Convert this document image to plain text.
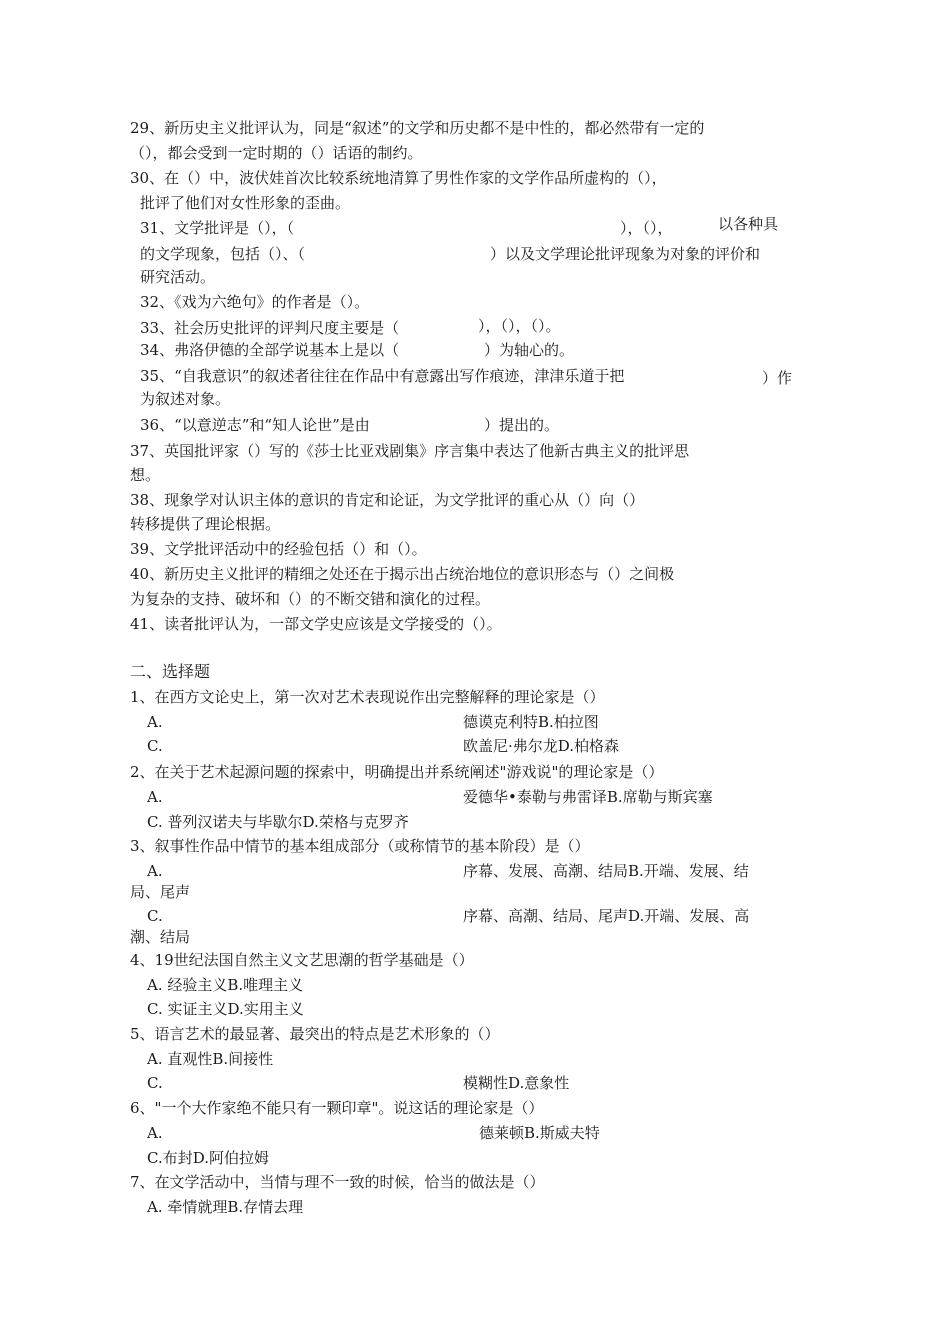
29、新历史主义批评认为，同是“叙述”的文学和历史都不是中性的，都必然带有一定的
（），都会受到一定时期的（）话语的制约。
30、在（）中，波伏娃首次比较系统地清算了男性作家的文学作品所虚构的（），
批评了他们对女性形象的歪曲。
31、文学批评是（），（	），（），	以各种具
的文学现象，包括（）、（	）以及文学理论批评现象为对象的评价和
研究活动。
32、《戏为六绝句》的作者是（）。
33、社会历史批评的评判尺度主要是（	），（），（）。
34、弗洛伊德的全部学说基本上是以（	）为轴心的。
35、“自我意识”的叙述者往往在作品中有意露出写作痕迹，津津乐道于把	）作
为叙述对象。
36、“以意逆志”和“知人论世”是由	）提出的。
37、英国批评家（）写的《莎士比亚戏剧集》序言集中表达了他新古典主义的批评思
想。
38、现象学对认识主体的意识的肯定和论证，为文学批评的重心从（）向（）
转移提供了理论根据。
39、文学批评活动中的经验包括（）和（）。
40、新历史主义批评的精细之处还在于揭示出占统治地位的意识形态与（）之间极
为复杂的支持、破坏和（）的不断交错和演化的过程。
41、读者批评认为，一部文学史应该是文学接受的（）。
二、选择题
1、在西方文论史上，第一次对艺术表现说作出完整解释的理论家是（）
A.	德谟克利特B.柏拉图
C.	欧盖尼·弗尔龙D.柏格森
2、在关于艺术起源问题的探索中，明确提出并系统阐述"游戏说"的理论家是（）
A.	爱德华•泰勒与弗雷译B.席勒与斯宾塞
C. 普列汉诺夫与毕歇尔D.荣格与克罗齐
3、叙事性作品中情节的基本组成部分（或称情节的基本阶段）是（）
A.	序幕、发展、高潮、结局B.开端、发展、结
局、尾声
C.	序幕、高潮、结局、尾声D.开端、发展、高
潮、结局
4、19世纪法国自然主义文艺思潮的哲学基础是（）
A. 经验主义B.唯理主义
C. 实证主义D.实用主义
5、语言艺术的最显著、最突出的特点是艺术形象的（）
A. 直观性B.间接性
C.	模糊性D.意象性
6、"一个大作家绝不能只有一颗印章"。说这话的理论家是（）
A.	德莱顿B.斯威夫特
C.布封D.阿伯拉姆
7、在文学活动中，当情与理不一致的时候，恰当的做法是（）
A. 牵情就理B.存情去理
